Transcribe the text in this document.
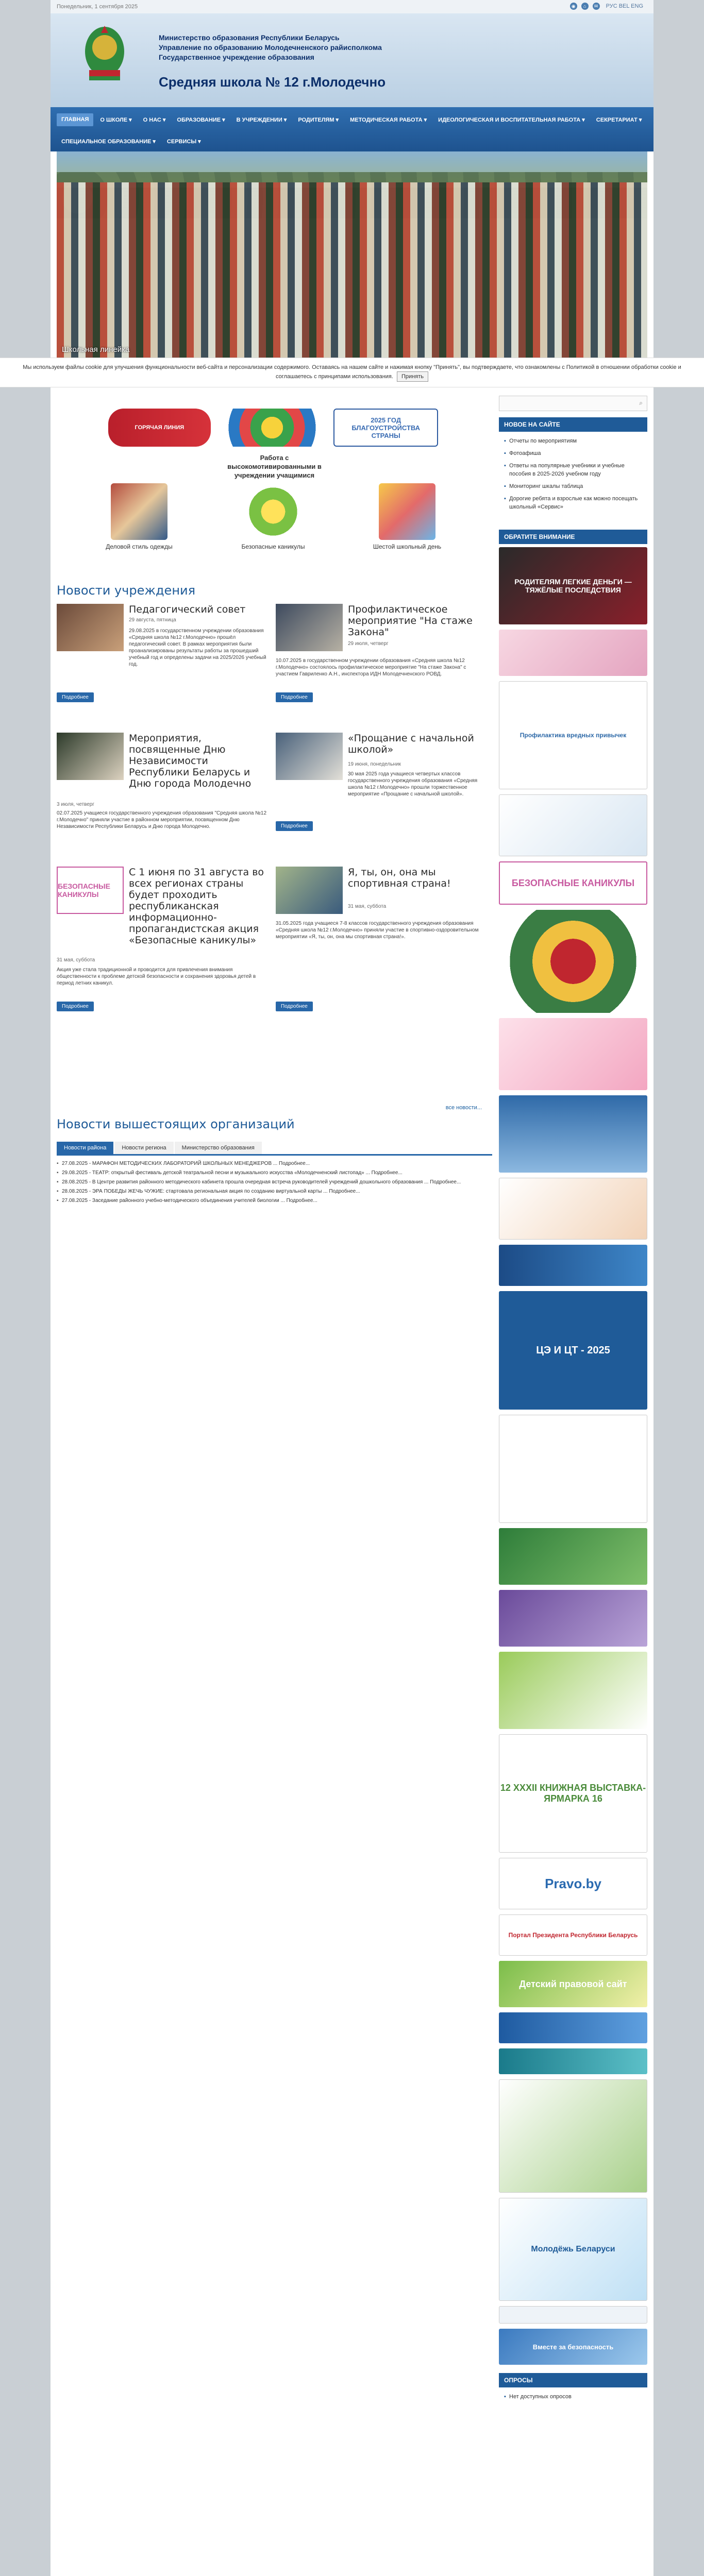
Понедельник, 1 сентября 2025	◉	⌂	✉ РУС BEL ENG
Министерство образования Республики Беларусь
Управление по образованию Молодечненского райисполкома
Государственное учреждение образования
Средняя школа № 12 г.Молодечно
ГЛАВНАЯ	О ШКОЛЕ ▾	О НАС ▾	ОБРАЗОВАНИЕ ▾	В УЧРЕЖДЕНИИ ▾	РОДИТЕЛЯМ ▾	МЕТОДИЧЕСКАЯ РАБОТА ▾	ИДЕОЛОГИЧЕСКАЯ И ВОСПИТАТЕЛЬНАЯ РАБОТА ▾	СЕКРЕТАРИАТ ▾
СПЕЦИАЛЬНОЕ ОБРАЗОВАНИЕ ▾	СЕРВИСЫ ▾
Школьная линейка
ГОРЯЧАЯ ЛИНИЯ
2025 ГОД БЛАГОУСТРОЙСТВА СТРАНЫ
Работа с
высокомотивированными в
учреждении учащимися
Деловой стиль одежды	Безопасные каникулы	Шестой школьный день
Новости учреждения
Педагогический совет
29 августа, пятница
29.08.2025 в государственном учреждении образования «Средняя школа №12 г.Молодечно» прошёл педагогический совет. В рамках мероприятия были проанализированы результаты работы за прошедший учебный год и определены задачи на 2025/2026 учебный год.
Подробнее
Профилактическое мероприятие "На стаже Закона"
29 июля, четверг
10.07.2025 в государственном учреждении образования «Средняя школа №12 г.Молодечно» состоялось профилактическое мероприятие "На стаже Закона" с участием Гавриленко А.Н., инспектора ИДН Молодечненского РОВД.
Подробнее
Мероприятия, посвященные Дню Независимости Республики Беларусь и Дню города Молодечно
3 июля, четверг
02.07.2025 учащиеся государственного учреждения образования "Средняя школа №12 г.Молодечно" приняли участие в районном мероприятии, посвященном Дню Независимости Республики Беларусь и Дню города Молодечно.
«Прощание с начальной школой»
19 июня, понедельник
30 мая 2025 года учащиеся четвертых классов государственного учреждения образования «Средняя школа №12 г.Молодечно» прошли торжественное мероприятие «Прощание с начальной школой».
Подробнее
БЕЗОПАСНЫЕ КАНИКУЛЫ
С 1 июня по 31 августа во всех регионах страны будет проходить республиканская информационно-пропагандистская акция «Безопасные каникулы»
31 мая, суббота
Акция уже стала традиционной и проводится для привлечения внимания общественности к проблеме детской безопасности и сохранения здоровья детей в период летних каникул.
Подробнее
Я, ты, он, она мы спортивная страна!
31 мая, суббота
31.05.2025 года учащиеся 7-8 классов государственного учреждения образования «Средняя школа №12 г.Молодечно» приняли участие в спортивно-оздоровительном мероприятии «Я, ты, он, она мы спортивная страна!».
Подробнее
все новости...
Новости вышестоящих организаций
Новости района	Новости региона	Министерство образования
▪ 27.08.2025 - МАРАФОН МЕТОДИЧЕСКИХ ЛАБОРАТОРИЙ ШКОЛЬНЫХ МЕНЕДЖЕРОВ ... Подробнее...
▪ 29.08.2025 - ТЕАТР: открытый фестиваль детской театральной песни и музыкального искусства «Молодечненский листопад» ... Подробнее...
▪ 28.08.2025 - В Центре развития районного методического кабинета прошла очередная встреча руководителей учреждений дошкольного образования ... Подробнее...
▪ 28.08.2025 - ЭРА ПОБЕДЫ ЖЕЧЬ ЧУЖИЕ: стартовала региональная акция по созданию виртуальной карты ... Подробнее...
▪ 27.08.2025 - Заседание районного учебно-методического объединения учителей биологии ... Подробнее...
⌕
НОВОЕ НА САЙТЕ
▪ Отчеты по мероприятиям
▪ Фотоафиша
▪ Ответы на популярные учебники и учебные пособия в 2025-2026 учебном году
▪ Мониторинг шкалы таблица
▪ Дорогие ребята и взрослые как можно посещать школьный «Сервис»
ОБРАТИТЕ ВНИМАНИЕ
РОДИТЕЛЯМ ЛЕГКИЕ ДЕНЬГИ — ТЯЖЁЛЫЕ ПОСЛЕДСТВИЯ
Профилактика вредных привычек
БЕЗОПАСНЫЕ КАНИКУЛЫ
ЦЭ И ЦТ - 2025
12 XXXII КНИЖНАЯ ВЫСТАВКА-ЯРМАРКА 16
Pravo.by
Портал Президента Республики Беларусь
Детский правовой сайт
Молодёжь Беларуси
Вместе за безопасность
ОПРОСЫ
▪ Нет доступных опросов
Мы используем файлы cookie для улучшения функциональности веб-сайта и персонализации содержимого. Оставаясь на нашем сайте и нажимая кнопку "Принять", вы подтверждаете, что ознакомлены с Политикой в отношении обработки cookie и соглашаетесь с принципами использования. Принять
